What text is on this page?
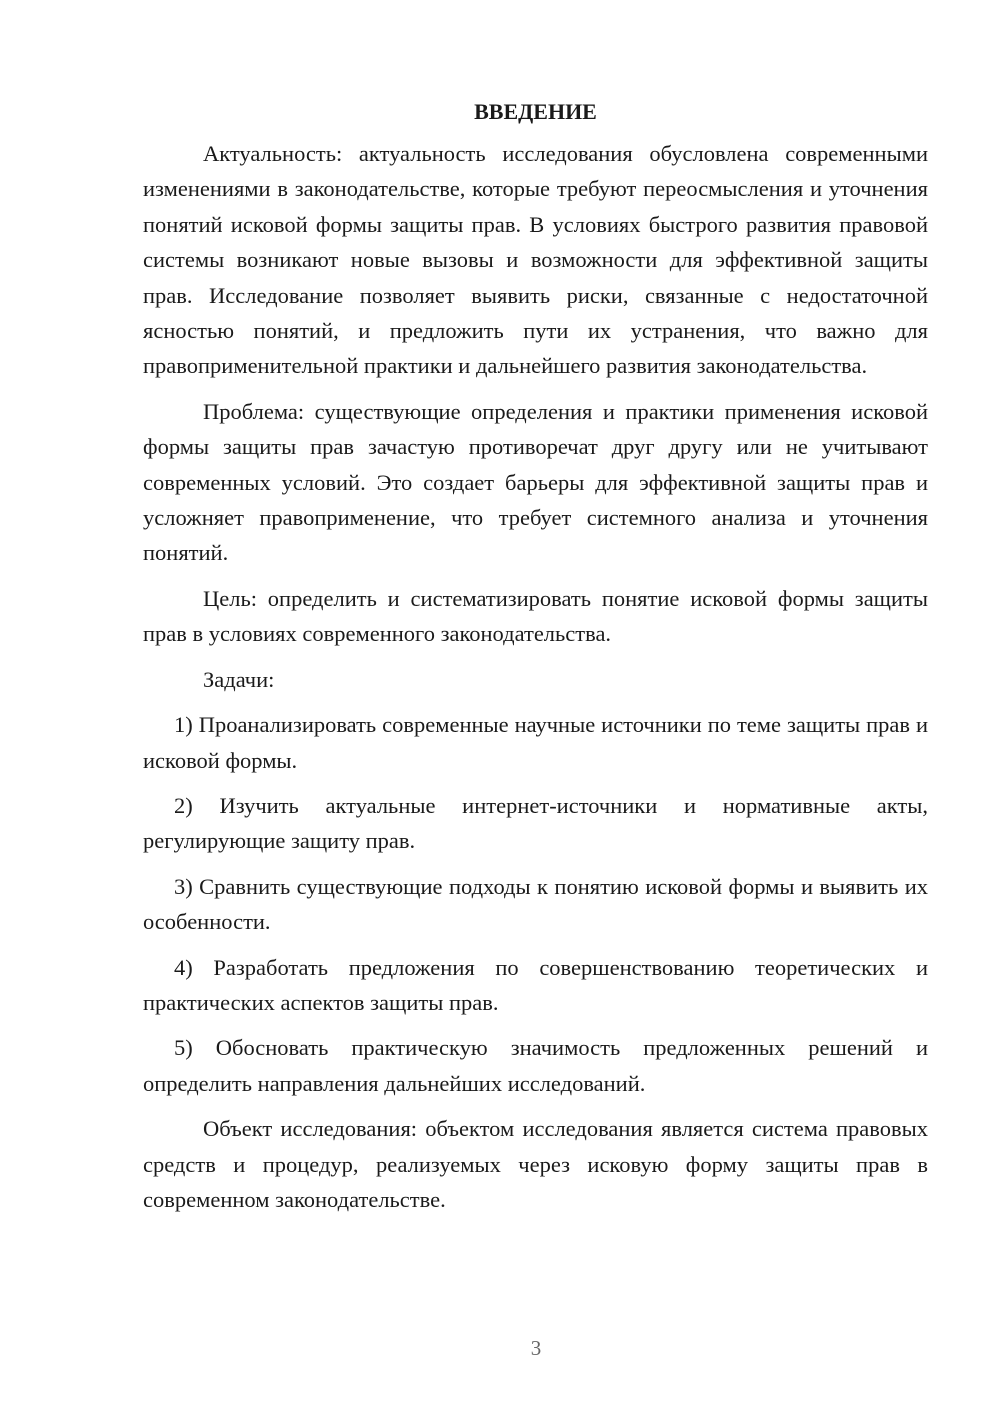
ВВЕДЕНИЕ

Актуальность: актуальность исследования обусловлена современными изменениями в законодательстве, которые требуют переосмысления и уточнения понятий исковой формы защиты прав. В условиях быстрого развития правовой системы возникают новые вызовы и возможности для эффективной защиты прав. Исследование позволяет выявить риски, связанные с недостаточной ясностью понятий, и предложить пути их устранения, что важно для правоприменительной практики и дальнейшего развития законодательства.

Проблема: существующие определения и практики применения исковой формы защиты прав зачастую противоречат друг другу или не учитывают современных условий. Это создает барьеры для эффективной защиты прав и усложняет правоприменение, что требует системного анализа и уточнения понятий.

Цель: определить и систематизировать понятие исковой формы защиты прав в условиях современного законодательства.

Задачи:

1) Проанализировать современные научные источники по теме защиты прав и исковой формы.

2) Изучить актуальные интернет-источники и нормативные акты, регулирующие защиту прав.

3) Сравнить существующие подходы к понятию исковой формы и выявить их особенности.

4) Разработать предложения по совершенствованию теоретических и практических аспектов защиты прав.

5) Обосновать практическую значимость предложенных решений и определить направления дальнейших исследований.

Объект исследования: объектом исследования является система правовых средств и процедур, реализуемых через исковую форму защиты прав в современном законодательстве.

3
